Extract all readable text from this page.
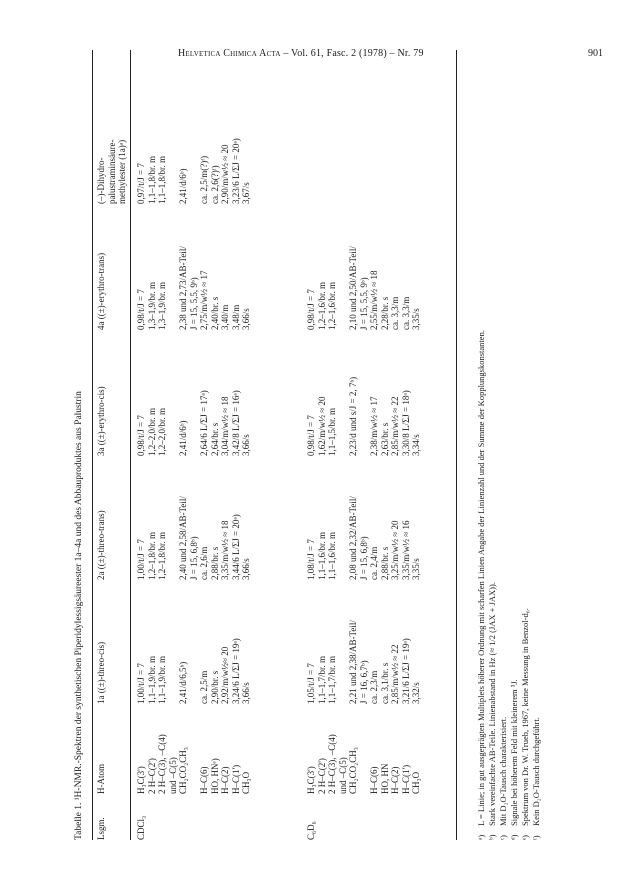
Helvetica Chimica Acta – Vol. 61, Fasc. 2 (1978) – Nr. 79	901
Tabelle 1. ¹H-NMR.-Spektren der synthetischen Piperidylessigsäureester 1a–4a und des Abbauproduktes aus Palustrin Lsgm.
H-Atom
1a ((±)-threo-cis)
2a ((±)-threo-trans)
3a ((±)-erythro-cis)
4a ((±)-erythro-trans)
(–)-Dihydro- palustraminsäure- methylester (1a)ᵃ)
CDCl₃
H₃C(3') 2 H–C(2') 2 H–C(3), –C(4) und –C(5) CH₂CO₂CH₃ H–C(6) HO, HNᵉ) H–C(2) H–C(1') CH₃O
1,00/t/J = 7 1,1–1,9/br. m 1,1–1,9/br. m 2,41/d/6,5ᵇ) ca. 2,5/m 2,90/br. s 2,92/m/w½≈ 20 3,24/6 L/ΣJ = 19ᵃ) 3,66/s
1,00/t/J = 7 1,2–1,8/br. m 1,2–1,8/br. m 2,40 und 2,58/AB-Teil/ J = 15, 6,8ᵇ) ca. 2,6/m 2,88/br. s 3,35/m/w½ ≈ 18 3,44/6 L/ΣJ = 20ᵃ) 3,66/s
0,98/t/J = 7 1,2–2,0/br. m 1,2–2,0/br. m 2,41/d/6ᵇ) 2,64/6 L/ΣJ = 17ᵃ) 2,64/br. s 3,04/m/w½ ≈ 18 3,42/8 L/ΣJ = 16ᵃ) 3,66/s
0,98/t/J = 7 1,3–1,9/br. m 1,3–1,9/br. m 2,38 und 2,73/AB-Teil/ J = 15, 5,5, 9ᵇ) 2,75/m/w½ ≈ 17 2,40/br. s 3,40/m 3,48/m 3,66/s
0,97/t/J = 7 1,1–1,8/br. m 1,1–1,8/br. m 2,41/d/6ᵇ) ca. 2,5/m(?)ᶠ) ca. 2,6(?)ᶠ) 2,90/m/w½ ≈ 20 3,23/6 L/ΣJ = 20ᵃ) 3,67/s
C₆D₆
H₃C(3') 2 H–C(2') 2 H–C(3), –C(4) und –C(5) CH₂CO₂CH₃ H–C(6) HO, HN H–C(2) H–C(1') CH₃O
1,05/t/J = 7 1,1–1,7/br. m 1,1–1,7/br. m 2,21 und 2,38/AB-Teil/ J = 16, 6,7ᵇ) ca. 2,3/m ca. 3,1/br. s 2,85/m/w½ ≈ 22 3,21/6 L/ΣJ = 19ᵃ) 3,32/s
1,08/t/J = 7 1,1–1,6/br. m 1,1–1,6/br. m 2,08 und 2,32/AB-Teil/ J = 15, 6,8ᵇ) ca. 2,4/m 2,88/br. s 3,25/m/w½ ≈ 20 3,35/m/w½ ≈ 16 3,35/s
0,98/t/J = 7 1,62/m/w½ ≈ 20 1,1–1,5/br. m 2,23/d und s/J = 2, 7ᵇ) 2,38/m/w½ ≈ 17 2,63/br. s 2,85/m/w½ ≈ 22 3,30/8 L/ΣJ = 18ᵃ) 3,34/s
0,98/t/J = 7 1,2–1,6/br. m 1,2–1,6/br. m 2,10 und 2,50/AB-Teil/ J = 15, 5,5, 9ᵇ) 2,55/m/w½ ≈ 18 2,28/br. s ca. 3,3/m ca. 3,3/m 3,35/s
ᵃ)L = Linie; in gut ausgeprägten Multiplets höherer Ordnung mit scharfen Linien Angabe der Linienzahl und der Summe der Kopplungskonstanten.
ᵇ)Stark vereinfachte AB-Teile. Linienabstand in Hz (≈ 1/2 (JAX + JAX)).
ᶜ)Mit D₂O-Tausch charakterisiert.
ᵈ)Signale bei höherem Feld mit kleinerem ³J.
ᵉ)Spektrum von Dr. W. Trueb, 1967, keine Messung in Benzol-d₆.
ᶠ)Kein D₂O-Tausch durchgeführt.
